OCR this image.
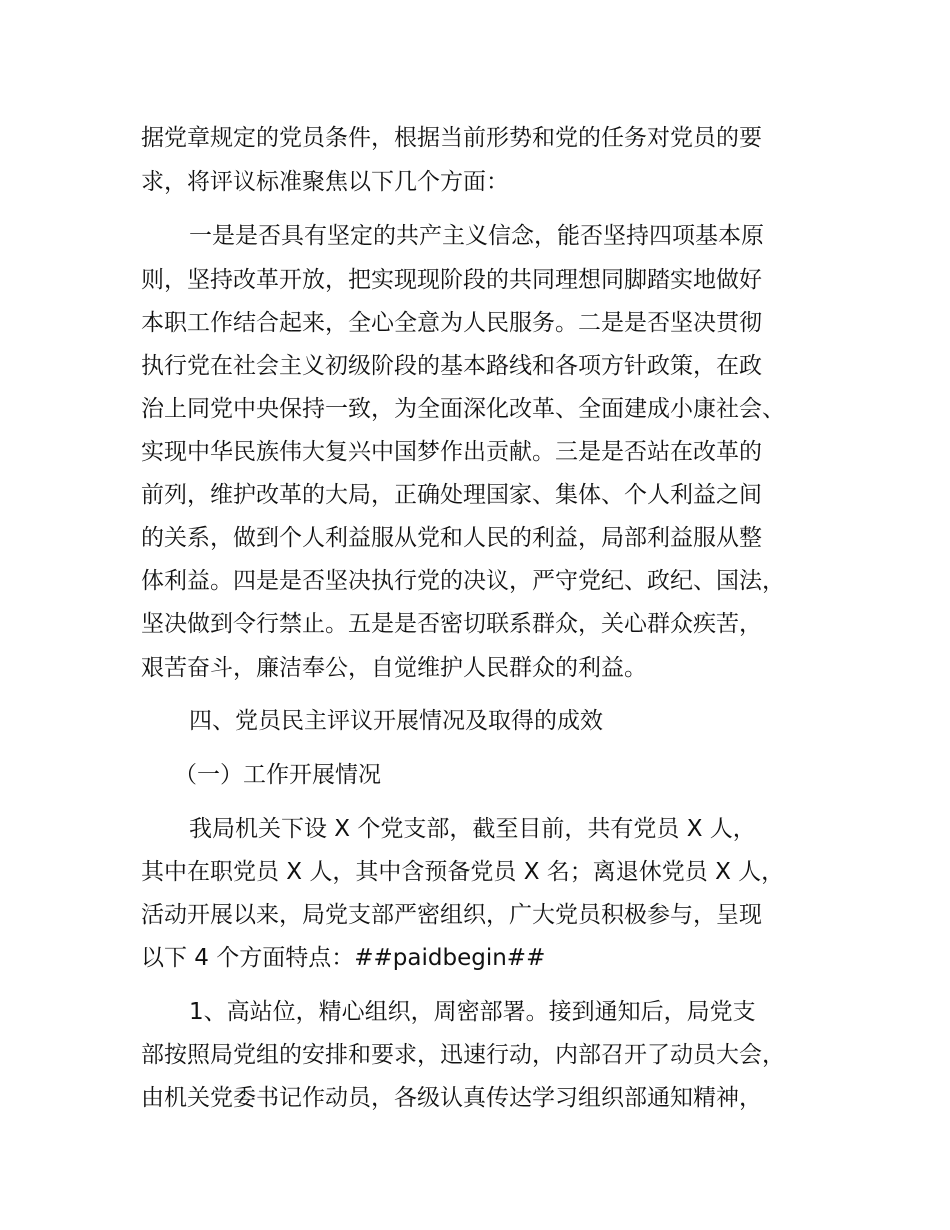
据党章规定的党员条件，根据当前形势和党的任务对党员的要
求，将评议标准聚焦以下几个方面：
一是是否具有坚定的共产主义信念，能否坚持四项基本原
则，坚持改革开放，把实现现阶段的共同理想同脚踏实地做好
本职工作结合起来，全心全意为人民服务。二是是否坚决贯彻
执行党在社会主义初级阶段的基本路线和各项方针政策，在政
治上同党中央保持一致，为全面深化改革、全面建成小康社会、
实现中华民族伟大复兴中国梦作出贡献。三是是否站在改革的
前列，维护改革的大局，正确处理国家、集体、个人利益之间
的关系，做到个人利益服从党和人民的利益，局部利益服从整
体利益。四是是否坚决执行党的决议，严守党纪、政纪、国法，
坚决做到令行禁止。五是是否密切联系群众，关心群众疾苦，
艰苦奋斗，廉洁奉公，自觉维护人民群众的利益。
四、党员民主评议开展情况及取得的成效
（一）工作开展情况
我局机关下设 X 个党支部，截至目前，共有党员 X 人，
其中在职党员 X 人，其中含预备党员 X 名；离退休党员 X 人，
活动开展以来，局党支部严密组织，广大党员积极参与，呈现
以下 4 个方面特点：##paidbegin##
1、高站位，精心组织，周密部署。接到通知后，局党支
部按照局党组的安排和要求，迅速行动，内部召开了动员大会，
由机关党委书记作动员，各级认真传达学习组织部通知精神，
